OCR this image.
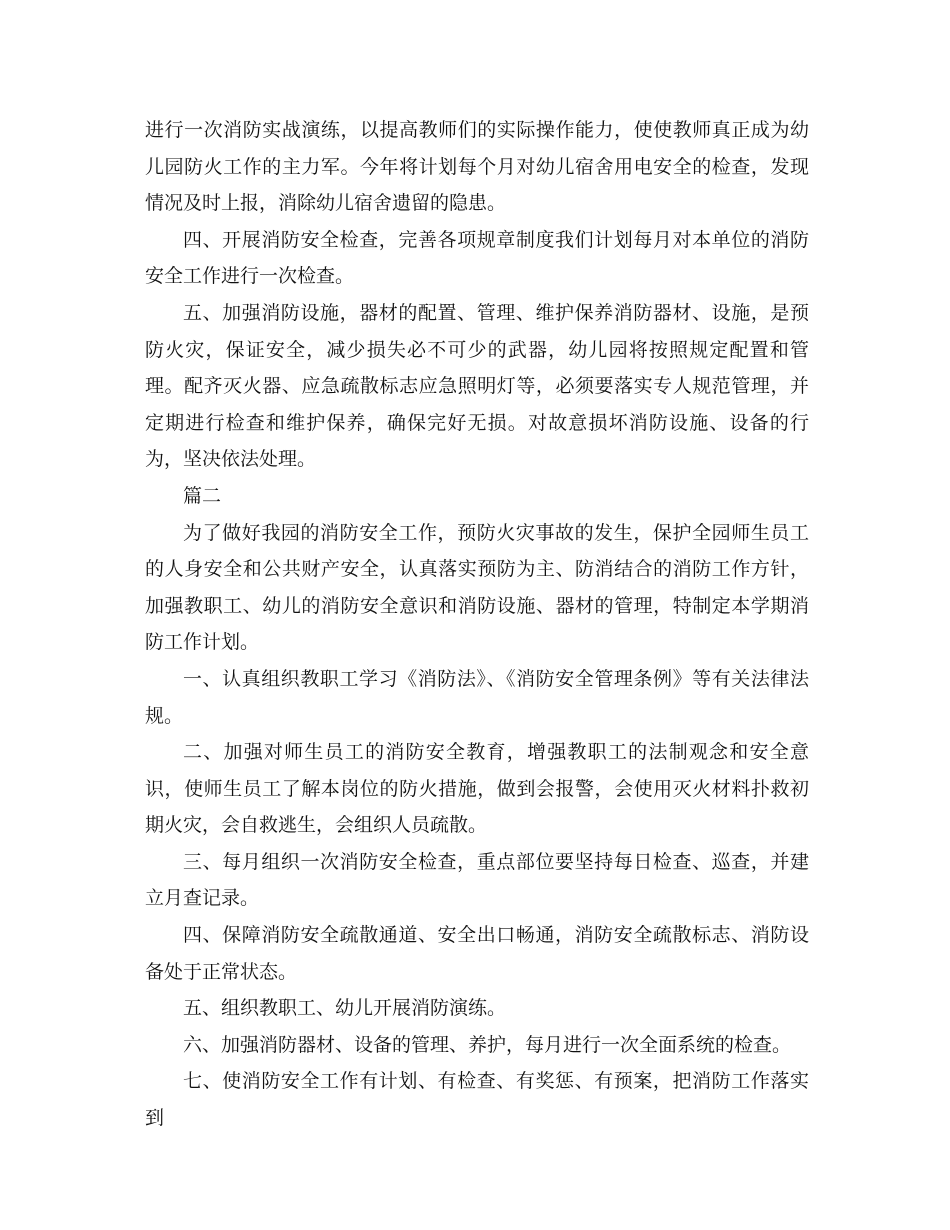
进行一次消防实战演练，以提高教师们的实际操作能力，使使教师真正成为幼儿园防火工作的主力军。今年将计划每个月对幼儿宿舍用电安全的检查，发现情况及时上报，消除幼儿宿舍遗留的隐患。

四、开展消防安全检查，完善各项规章制度我们计划每月对本单位的消防安全工作进行一次检查。

五、加强消防设施，器材的配置、管理、维护保养消防器材、设施，是预防火灾，保证安全，减少损失必不可少的武器，幼儿园将按照规定配置和管理。配齐灭火器、应急疏散标志应急照明灯等，必须要落实专人规范管理，并定期进行检查和维护保养，确保完好无损。对故意损坏消防设施、设备的行为，坚决依法处理。

篇二

为了做好我园的消防安全工作，预防火灾事故的发生，保护全园师生员工的人身安全和公共财产安全，认真落实预防为主、防消结合的消防工作方针，加强教职工、幼儿的消防安全意识和消防设施、器材的管理，特制定本学期消防工作计划。

一、认真组织教职工学习《消防法》、《消防安全管理条例》等有关法律法规。

二、加强对师生员工的消防安全教育，增强教职工的法制观念和安全意识，使师生员工了解本岗位的防火措施，做到会报警，会使用灭火材料扑救初期火灾，会自救逃生，会组织人员疏散。

三、每月组织一次消防安全检查，重点部位要坚持每日检查、巡查，并建立月查记录。

四、保障消防安全疏散通道、安全出口畅通，消防安全疏散标志、消防设备处于正常状态。

五、组织教职工、幼儿开展消防演练。

六、加强消防器材、设备的管理、养护，每月进行一次全面系统的检查。

七、使消防安全工作有计划、有检查、有奖惩、有预案，把消防工作落实到
